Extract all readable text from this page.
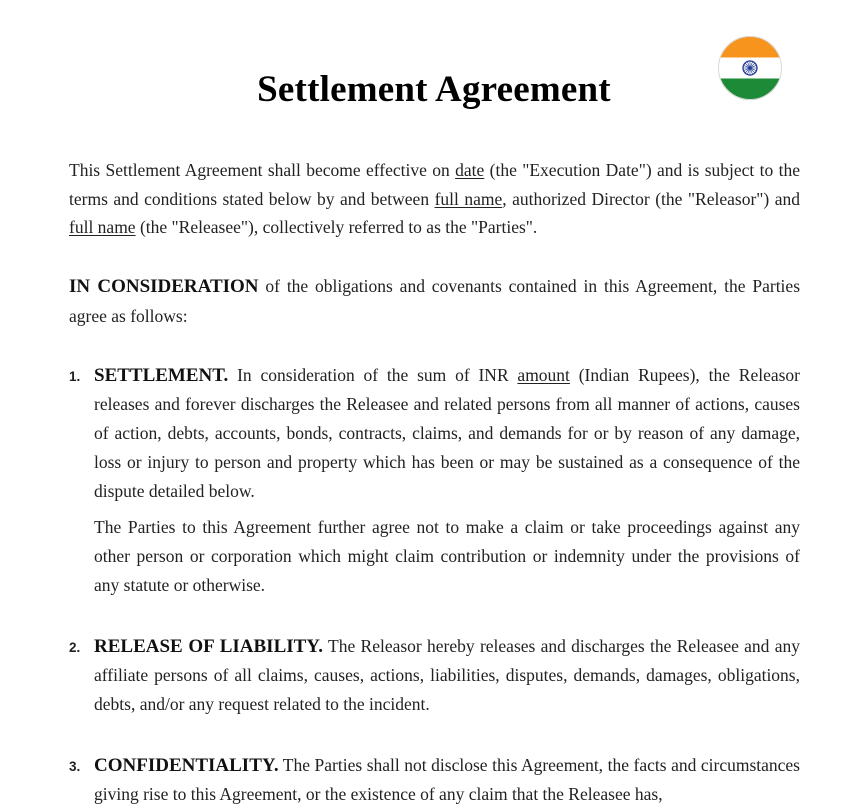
Settlement Agreement
This Settlement Agreement shall become effective on date (the "Execution Date") and is subject to the terms and conditions stated below by and between full name, authorized Director (the "Releasor") and full name (the "Releasee"), collectively referred to as the "Parties".
IN CONSIDERATION of the obligations and covenants contained in this Agreement, the Parties agree as follows:
1. SETTLEMENT. In consideration of the sum of INR amount (Indian Rupees), the Releasor releases and forever discharges the Releasee and related persons from all manner of actions, causes of action, debts, accounts, bonds, contracts, claims, and demands for or by reason of any damage, loss or injury to person and property which has been or may be sustained as a consequence of the dispute detailed below.

The Parties to this Agreement further agree not to make a claim or take proceedings against any other person or corporation which might claim contribution or indemnity under the provisions of any statute or otherwise.

2. RELEASE OF LIABILITY. The Releasor hereby releases and discharges the Releasee and any affiliate persons of all claims, causes, actions, liabilities, disputes, demands, damages, obligations, debts, and/or any request related to the incident.

3. CONFIDENTIALITY. The Parties shall not disclose this Agreement, the facts and circumstances giving rise to this Agreement, or the existence of any claim that the Releasee has,
